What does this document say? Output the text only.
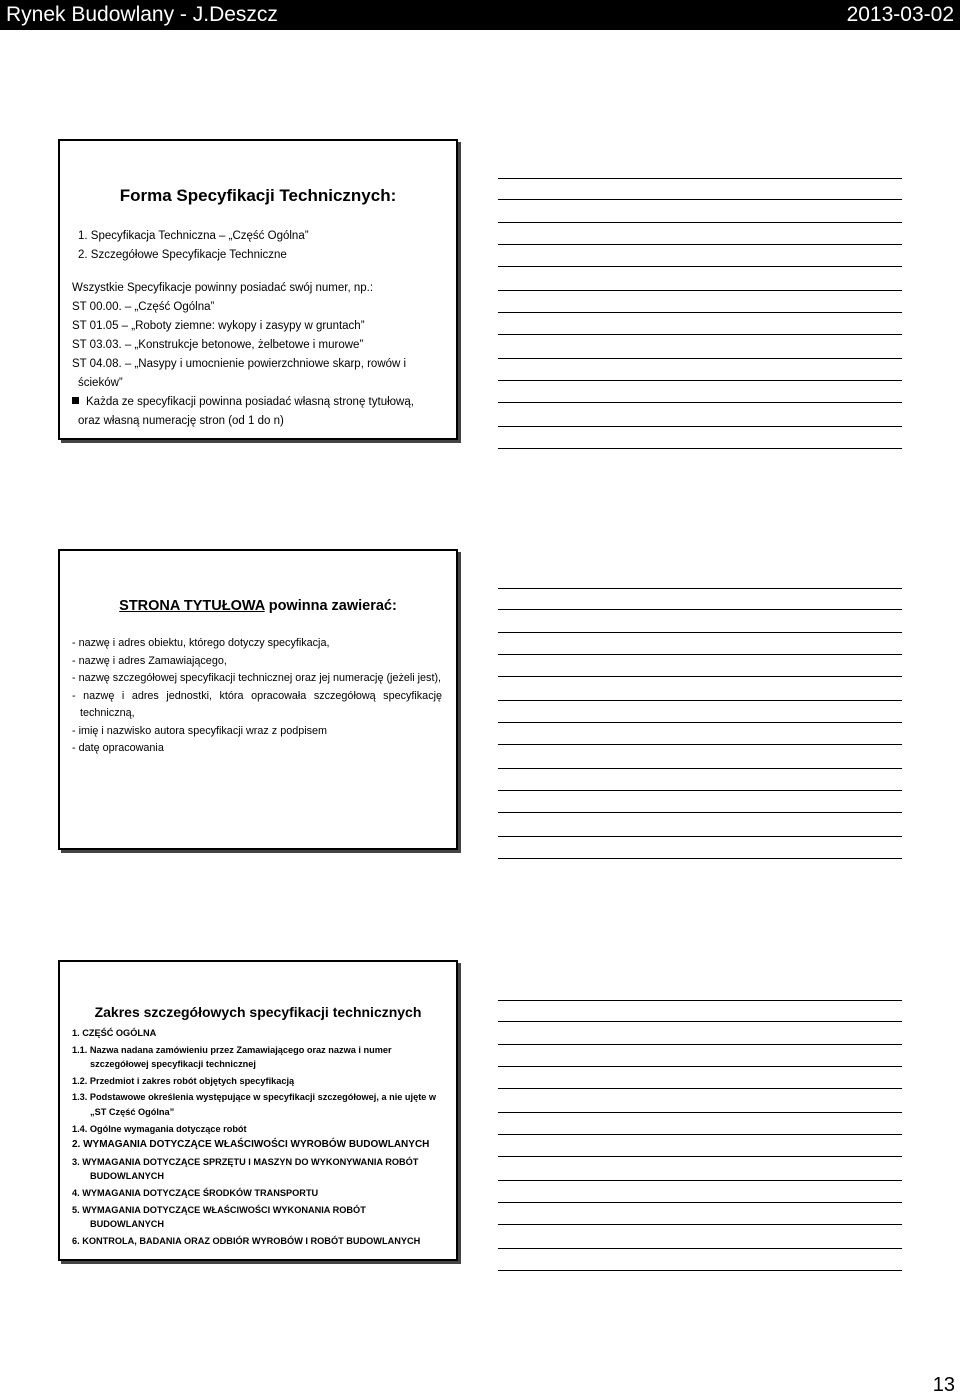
Rynek Budowlany - J.Deszcz	2013-03-02
Forma Specyfikacji Technicznych:
1. Specyfikacja Techniczna – „Część Ogólna”
2. Szczegółowe Specyfikacje Techniczne
Wszystkie Specyfikacje powinny posiadać swój numer, np.:
ST 00.00. – „Część Ogólna”
ST 01.05 – „Roboty ziemne: wykopy i zasypy w gruntach”
ST 03.03. – „Konstrukcje betonowe, żelbetowe i murowe”
ST 04.08. – „Nasypy i umocnienie powierzchniowe skarp, rowów i
ścieków”
Każda ze specyfikacji powinna posiadać własną stronę tytułową,
oraz własną numerację stron (od 1 do n)
STRONA TYTUŁOWA powinna zawierać:
- nazwę i adres obiektu, którego dotyczy specyfikacja,
- nazwę i adres Zamawiającego,
- nazwę szczegółowej specyfikacji technicznej oraz jej numerację (jeżeli jest),
- nazwę i adres jednostki, która opracowała szczegółową specyfikację techniczną,
- imię i nazwisko autora specyfikacji wraz z podpisem
- datę opracowania
Zakres szczegółowych specyfikacji technicznych
1. CZĘŚĆ OGÓLNA
1.1. Nazwa nadana zamówieniu przez Zamawiającego oraz nazwa i numer
szczegółowej specyfikacji technicznej
1.2. Przedmiot i zakres robót objętych specyfikacją
1.3. Podstawowe określenia występujące w specyfikacji szczegółowej, a nie ujęte w
„ST Część Ogólna”
1.4. Ogólne wymagania dotyczące robót
2. WYMAGANIA DOTYCZĄCE WŁAŚCIWOŚCI WYROBÓW BUDOWLANYCH
3. WYMAGANIA DOTYCZĄCE SPRZĘTU I MASZYN DO WYKONYWANIA ROBÓT
BUDOWLANYCH
4. WYMAGANIA DOTYCZĄCE ŚRODKÓW TRANSPORTU
5. WYMAGANIA DOTYCZĄCE WŁAŚCIWOŚCI WYKONANIA ROBÓT
BUDOWLANYCH
6. KONTROLA, BADANIA ORAZ ODBIÓR WYROBÓW I ROBÓT BUDOWLANYCH
13
